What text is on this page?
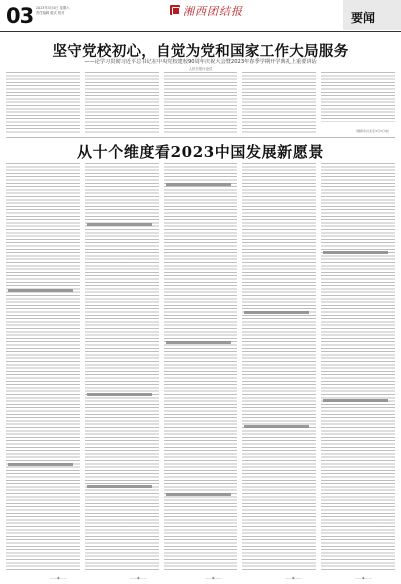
03 2023年3月4日 星期六
责任编辑 版式 校对	湘西团结报	要闻
坚守党校初心，自觉为党和国家工作大局服务
——论学习贯彻习近平总书记在中央党校建校90周年庆祝大会暨2023年春季学期开学典礼上重要讲话
人民日报评论员
（据新华社北京3月1日电）
从十个维度看2023中国发展新愿景
——◆——	——◆——	——◆——	——◆——	——◆——
